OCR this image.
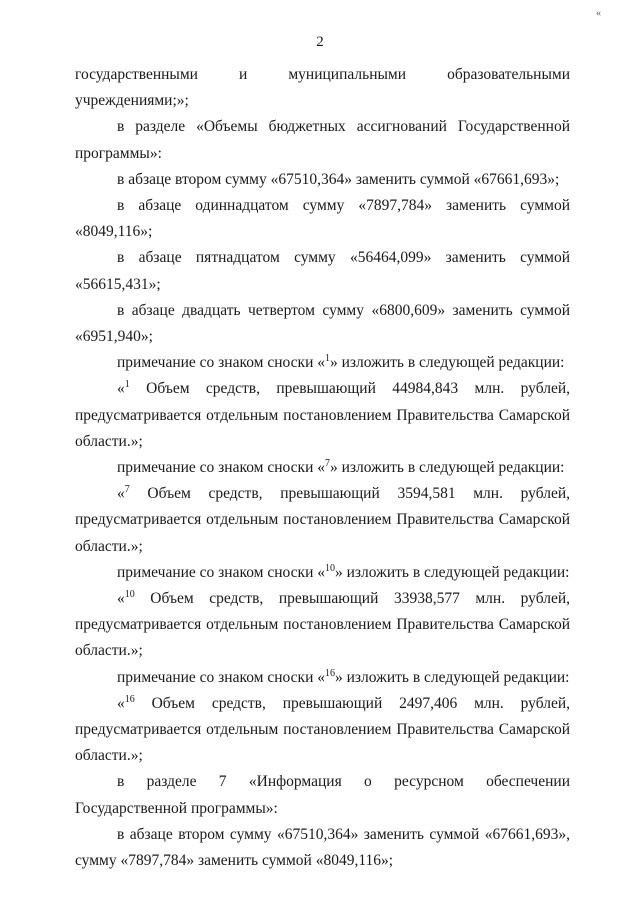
«
2

государственными и муниципальными образовательными учреждениями;»;

в разделе «Объемы бюджетных ассигнований Государственной программы»:

в абзаце втором сумму «67510,364» заменить суммой «67661,693»;

в абзаце одиннадцатом сумму «7897,784» заменить суммой «8049,116»;

в абзаце пятнадцатом сумму «56464,099» заменить суммой «56615,431»;

в абзаце двадцать четвертом сумму «6800,609» заменить суммой «6951,940»;

примечание со знаком сноски «$^1$» изложить в следующей редакции:

«$^1$ Объем средств, превышающий 44984,843 млн. рублей, предусматривается отдельным постановлением Правительства Самарской области.»;

примечание со знаком сноски «$^7$» изложить в следующей редакции:

«$^7$ Объем средств, превышающий 3594,581 млн. рублей, предусматривается отдельным постановлением Правительства Самарской области.»;

примечание со знаком сноски «$^{10}$» изложить в следующей редакции:

«$^{10}$ Объем средств, превышающий 33938,577 млн. рублей, предусматривается отдельным постановлением Правительства Самарской области.»;

примечание со знаком сноски «$^{16}$» изложить в следующей редакции:

«$^{16}$ Объем средств, превышающий 2497,406 млн. рублей, предусматривается отдельным постановлением Правительства Самарской области.»;

в разделе 7 «Информация о ресурсном обеспечении Государственной программы»:

в абзаце втором сумму «67510,364» заменить суммой «67661,693», сумму «7897,784» заменить суммой «8049,116»;
